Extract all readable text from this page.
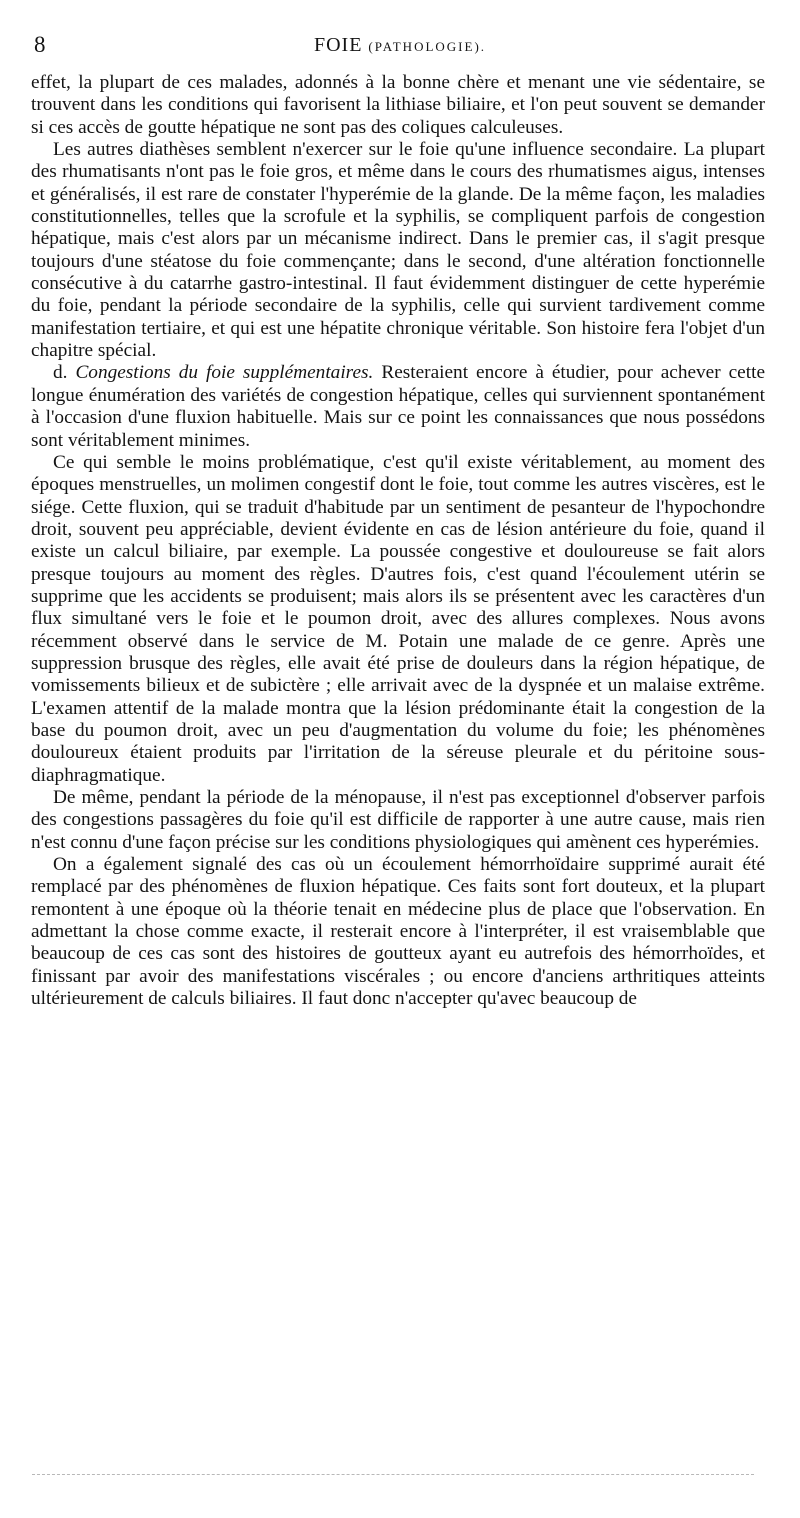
8	FOIE (PATHOLOGIE).

effet, la plupart de ces malades, adonnés à la bonne chère et menant une vie sédentaire, se trouvent dans les conditions qui favorisent la lithiase biliaire, et l'on peut souvent se demander si ces accès de goutte hépatique ne sont pas des coliques calculeuses.

Les autres diathèses semblent n'exercer sur le foie qu'une influence secondaire. La plupart des rhumatisants n'ont pas le foie gros, et même dans le cours des rhumatismes aigus, intenses et généralisés, il est rare de constater l'hyperémie de la glande. De la même façon, les maladies constitutionnelles, telles que la scrofule et la syphilis, se compliquent parfois de congestion hépatique, mais c'est alors par un mécanisme indirect. Dans le premier cas, il s'agit presque toujours d'une stéatose du foie commençante; dans le second, d'une altération fonctionnelle consécutive à du catarrhe gastro-intestinal. Il faut évidemment distinguer de cette hyperémie du foie, pendant la période secondaire de la syphilis, celle qui survient tardivement comme manifestation tertiaire, et qui est une hépatite chronique véritable. Son histoire fera l'objet d'un chapitre spécial.

d. Congestions du foie supplémentaires. Resteraient encore à étudier, pour achever cette longue énumération des variétés de congestion hépatique, celles qui surviennent spontanément à l'occasion d'une fluxion habituelle. Mais sur ce point les connaissances que nous possédons sont véritablement minimes.

Ce qui semble le moins problématique, c'est qu'il existe véritablement, au moment des époques menstruelles, un molimen congestif dont le foie, tout comme les autres viscères, est le siége. Cette fluxion, qui se traduit d'habitude par un sentiment de pesanteur de l'hypochondre droit, souvent peu appréciable, devient évidente en cas de lésion antérieure du foie, quand il existe un calcul biliaire, par exemple. La poussée congestive et douloureuse se fait alors presque toujours au moment des règles. D'autres fois, c'est quand l'écoulement utérin se supprime que les accidents se produisent; mais alors ils se présentent avec les caractères d'un flux simultané vers le foie et le poumon droit, avec des allures complexes. Nous avons récemment observé dans le service de M. Potain une malade de ce genre. Après une suppression brusque des règles, elle avait été prise de douleurs dans la région hépatique, de vomissements bilieux et de subictère ; elle arrivait avec de la dyspnée et un malaise extrême. L'examen attentif de la malade montra que la lésion prédominante était la congestion de la base du poumon droit, avec un peu d'augmentation du volume du foie; les phénomènes douloureux étaient produits par l'irritation de la séreuse pleurale et du péritoine sous-diaphragmatique.

De même, pendant la période de la ménopause, il n'est pas exceptionnel d'observer parfois des congestions passagères du foie qu'il est difficile de rapporter à une autre cause, mais rien n'est connu d'une façon précise sur les conditions physiologiques qui amènent ces hyperémies.

On a également signalé des cas où un écoulement hémorrhoïdaire supprimé aurait été remplacé par des phénomènes de fluxion hépatique. Ces faits sont fort douteux, et la plupart remontent à une époque où la théorie tenait en médecine plus de place que l'observation. En admettant la chose comme exacte, il resterait encore à l'interpréter, il est vraisemblable que beaucoup de ces cas sont des histoires de goutteux ayant eu autrefois des hémorrhoïdes, et finissant par avoir des manifestations viscérales ; ou encore d'anciens arthritiques atteints ultérieurement de calculs biliaires. Il faut donc n'accepter qu'avec beaucoup de
